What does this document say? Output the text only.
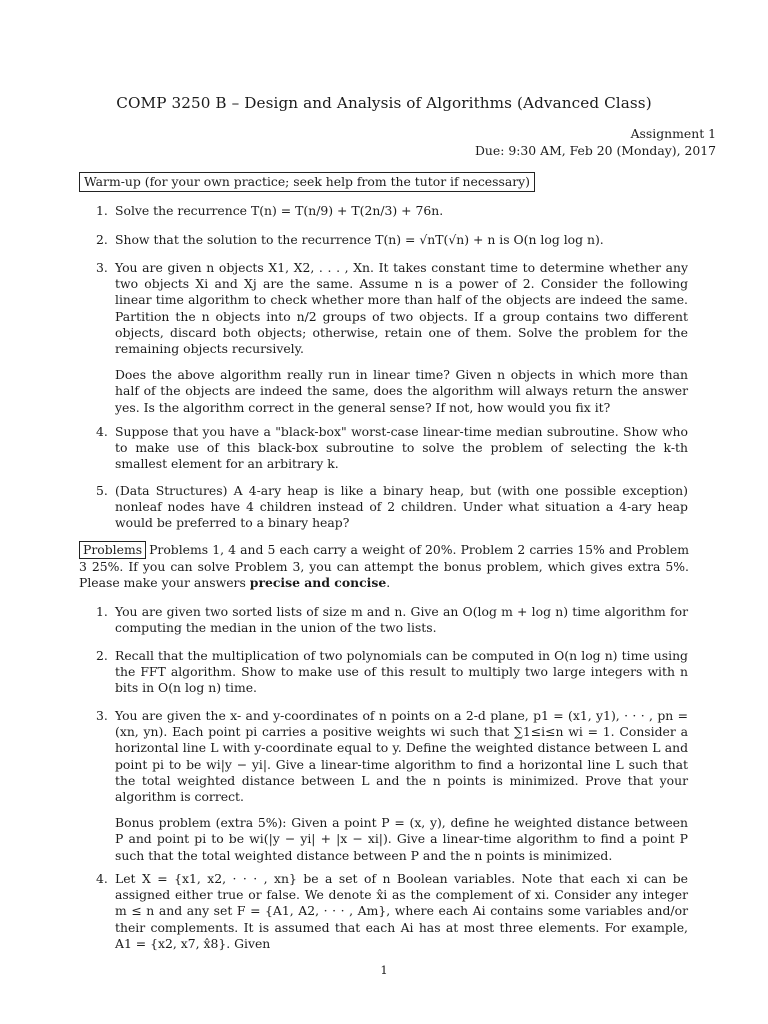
COMP 3250 B – Design and Analysis of Algorithms (Advanced Class)
Assignment 1
Due: 9:30 AM, Feb 20 (Monday), 2017
Warm-up (for your own practice; seek help from the tutor if necessary)
1. Solve the recurrence T(n) = T(n/9) + T(2n/3) + 76n.

2. Show that the solution to the recurrence T(n) = √nT(√n) + n is O(n log log n).

3. You are given n objects X1, X2, . . . , Xn. It takes constant time to determine whether any two objects Xi and Xj are the same. Assume n is a power of 2. Consider the following linear time algorithm to check whether more than half of the objects are indeed the same. Partition the n objects into n/2 groups of two objects. If a group contains two different objects, discard both objects; otherwise, retain one of them. Solve the problem for the remaining objects recursively.

Does the above algorithm really run in linear time? Given n objects in which more than half of the objects are indeed the same, does the algorithm will always return the answer yes. Is the algorithm correct in the general sense? If not, how would you fix it?

4. Suppose that you have a "black-box" worst-case linear-time median subroutine. Show who to make use of this black-box subroutine to solve the problem of selecting the k-th smallest element for an arbitrary k.

5. (Data Structures) A 4-ary heap is like a binary heap, but (with one possible exception) nonleaf nodes have 4 children instead of 2 children. Under what situation a 4-ary heap would be preferred to a binary heap?

Problems Problems 1, 4 and 5 each carry a weight of 20%. Problem 2 carries 15% and Problem 3 25%. If you can solve Problem 3, you can attempt the bonus problem, which gives extra 5%. Please make your answers precise and concise.
1. You are given two sorted lists of size m and n. Give an O(log m + log n) time algorithm for computing the median in the union of the two lists.

2. Recall that the multiplication of two polynomials can be computed in O(n log n) time using the FFT algorithm. Show to make use of this result to multiply two large integers with n bits in O(n log n) time.

3. You are given the x- and y-coordinates of n points on a 2-d plane, p1 = (x1, y1), · · · , pn = (xn, yn). Each point pi carries a positive weights wi such that ∑1≤i≤n wi = 1. Consider a horizontal line L with y-coordinate equal to y. Define the weighted distance between L and point pi to be wi|y − yi|. Give a linear-time algorithm to find a horizontal line L such that the total weighted distance between L and the n points is minimized. Prove that your algorithm is correct.

Bonus problem (extra 5%): Given a point P = (x, y), define he weighted distance between P and point pi to be wi(|y − yi| + |x − xi|). Give a linear-time algorithm to find a point P such that the total weighted distance between P and the n points is minimized.

4. Let X = {x1, x2, · · · , xn} be a set of n Boolean variables. Note that each xi can be assigned either true or false. We denote x̂i as the complement of xi. Consider any integer m ≤ n and any set F = {A1, A2, · · · , Am}, where each Ai contains some variables and/or their complements. It is assumed that each Ai has at most three elements. For example, A1 = {x2, x7, x̂8}. Given

1
